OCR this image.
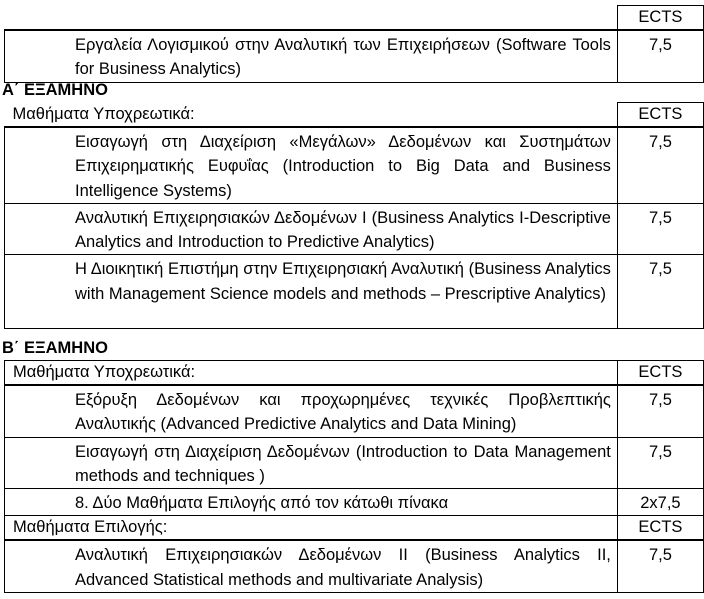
	ECTS

Εργαλεία Λογισμικού στην Αναλυτική των Επιχειρήσεων (Software Tools for Business Analytics)	7,5
Α΄ ΕΞΑΜΗΝΟ
Μαθήματα Υποχρεωτικά:	ECTS

Εισαγωγή στη Διαχείριση «Μεγάλων» Δεδομένων και Συστημάτων Επιχειρηματικής Ευφυΐας (Introduction to Big Data and Business Intelligence Systems)	7,5

Αναλυτική Επιχειρησιακών Δεδομένων Ι (Business Analytics I-Descriptive Analytics and Introduction to Predictive Analytics)	7,5

Η Διοικητική Επιστήμη στην Επιχειρησιακή Αναλυτική (Business Analytics with Management Science models and methods – Prescriptive Analytics)	7,5
Β΄ ΕΞΑΜΗΝΟ
Μαθήματα Υποχρεωτικά:	ECTS

Εξόρυξη Δεδομένων και προχωρημένες τεχνικές Προβλεπτικής Αναλυτικής (Advanced Predictive Analytics and Data Mining)	7,5

Εισαγωγή στη Διαχείριση Δεδομένων (Introduction to Data Management methods and techniques )	7,5

8. Δύο Μαθήματα Επιλογής από τον κάτωθι πίνακα	2x7,5
Μαθήματα Επιλογής:	ECTS

Αναλυτική Επιχειρησιακών Δεδομένων ΙΙ (Business Analytics II, Advanced Statistical methods and multivariate Analysis)	7,5
